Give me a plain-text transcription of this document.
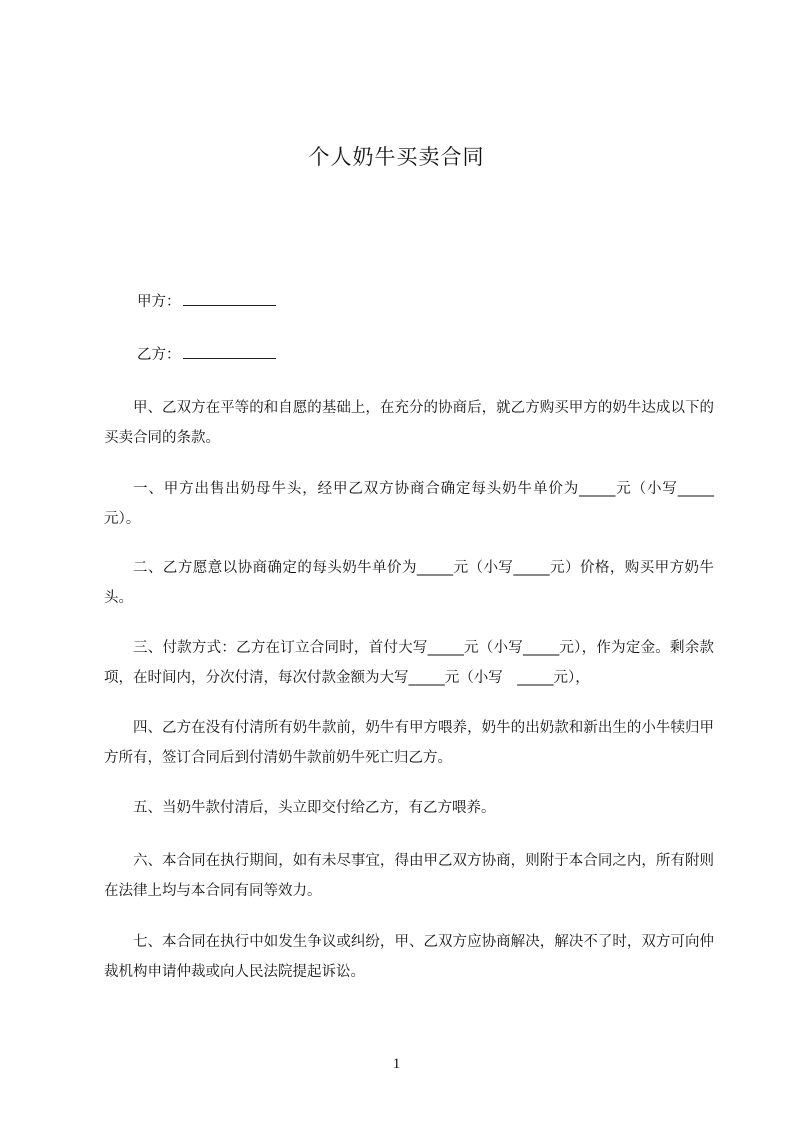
个人奶牛买卖合同
甲方：
乙方：

甲、乙双方在平等的和自愿的基础上，在充分的协商后，就乙方购买甲方的奶牛达成以下的买卖合同的条款。

一、甲方出售出奶母牛头，经甲乙双方协商合确定每头奶牛单价为_____元（小写_____元）。

二、乙方愿意以协商确定的每头奶牛单价为_____元（小写_____元）价格，购买甲方奶牛 头。

三、付款方式：乙方在订立合同时，首付大写_____元（小写_____元），作为定金。剩余款项，在时间内，分次付清，每次付款金额为大写_____元（小写　_____元），

四、乙方在没有付清所有奶牛款前，奶牛有甲方喂养，奶牛的出奶款和新出生的小牛犊归甲方所有，签订合同后到付清奶牛款前奶牛死亡归乙方。

五、当奶牛款付清后，头立即交付给乙方，有乙方喂养。

六、本合同在执行期间，如有未尽事宜，得由甲乙双方协商，则附于本合同之内，所有附则在法律上均与本合同有同等效力。

七、本合同在执行中如发生争议或纠纷，甲、乙双方应协商解决，解决不了时，双方可向仲裁机构申请仲裁或向人民法院提起诉讼。

1
